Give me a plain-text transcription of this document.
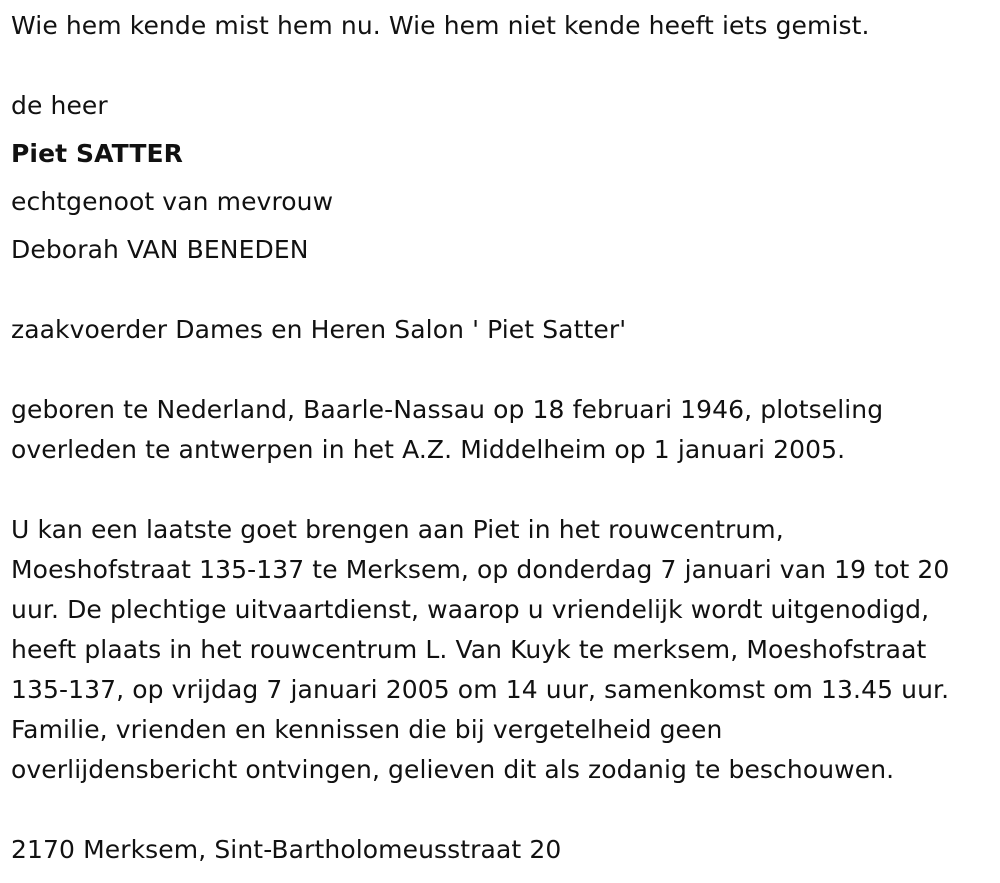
Wie hem kende mist hem nu. Wie hem niet kende heeft iets gemist.
de heer
Piet SATTER
echtgenoot van mevrouw
Deborah VAN BENEDEN
zaakvoerder Dames en Heren Salon ' Piet Satter'
geboren te Nederland, Baarle-Nassau op 18 februari 1946, plotseling
overleden te antwerpen in het A.Z. Middelheim op 1 januari 2005.
U kan een laatste goet brengen aan Piet in het rouwcentrum,
Moeshofstraat 135-137 te Merksem, op donderdag 7 januari van 19 tot 20
uur. De plechtige uitvaartdienst, waarop u vriendelijk wordt uitgenodigd,
heeft plaats in het rouwcentrum L. Van Kuyk te merksem, Moeshofstraat
135-137, op vrijdag 7 januari 2005 om 14 uur, samenkomst om 13.45 uur.
Familie, vrienden en kennissen die bij vergetelheid geen
overlijdensbericht ontvingen, gelieven dit als zodanig te beschouwen.
2170 Merksem, Sint-Bartholomeusstraat 20
